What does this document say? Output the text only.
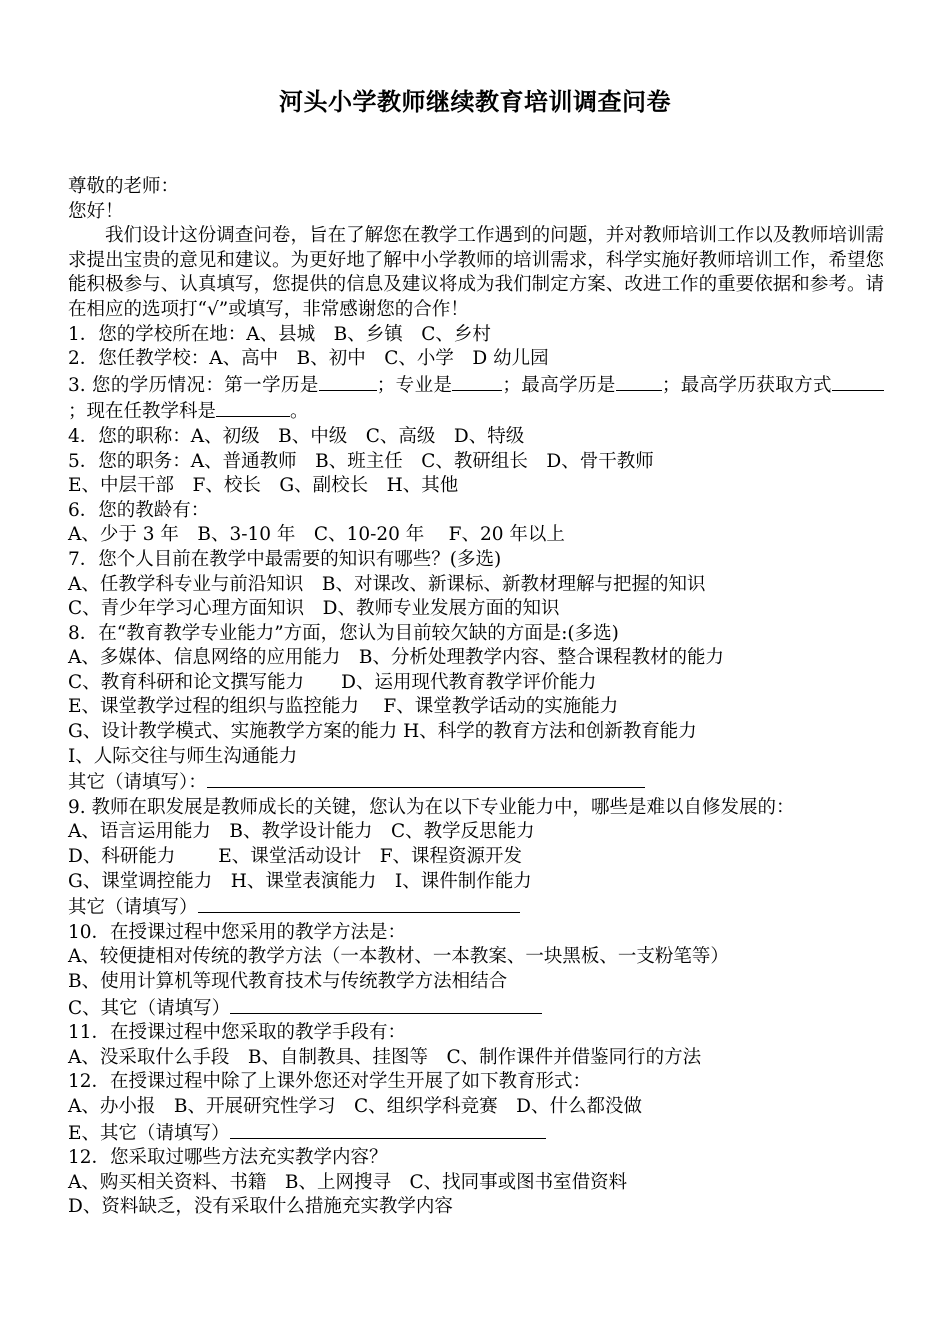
河头小学教师继续教育培训调查问卷
尊敬的老师：
您好！
我们设计这份调查问卷，旨在了解您在教学工作遇到的问题，并对教师培训工作以及教师培训需求提出宝贵的意见和建议。为更好地了解中小学教师的培训需求，科学实施好教师培训工作，希望您能积极参与、认真填写，您提供的信息及建议将成为我们制定方案、改进工作的重要依据和参考。请在相应的选项打“√”或填写，非常感谢您的合作！
1．您的学校所在地：A、县城　B、乡镇　C、乡村
2．您任教学校：A、高中　B、初中　C、小学　D 幼儿园
3. 您的学历情况：第一学历是	；专业是	；最高学历是 ；最高学历获取方式；现在任教学科是	。
4．您的职称：A、初级　B、中级　C、高级　D、特级
5．您的职务：A、普通教师　B、班主任　C、教研组长　D、骨干教师
E、中层干部　F、校长　G、副校长　H、其他
6．您的教龄有：
A、少于 3 年　B、3-10 年　C、10-20 年　 F、20 年以上
7．您个人目前在教学中最需要的知识有哪些？(多选)
A、任教学科专业与前沿知识　B、对课改、新课标、新教材理解与把握的知识
C、青少年学习心理方面知识　D、教师专业发展方面的知识
8．在“教育教学专业能力”方面，您认为目前较欠缺的方面是:(多选)
A、多媒体、信息网络的应用能力　B、分析处理教学内容、整合课程教材的能力
C、教育科研和论文撰写能力　　D、运用现代教育教学评价能力
E、课堂教学过程的组织与监控能力　 F、课堂教学话动的实施能力
G、设计教学模式、实施教学方案的能力 H、科学的教育方法和创新教育能力
I、人际交往与师生沟通能力
其它（请填写）：
9. 教师在职发展是教师成长的关键，您认为在以下专业能力中，哪些是难以自修发展的：
A、语言运用能力　B、教学设计能力　C、教学反思能力
D、科研能力　　 E、课堂活动设计　F、课程资源开发
G、课堂调控能力　H、课堂表演能力　I、课件制作能力
其它（请填写）
10．在授课过程中您采用的教学方法是：
A、较便捷相对传统的教学方法（一本教材、一本教案、一块黑板、一支粉笔等）
B、使用计算机等现代教育技术与传统教学方法相结合
C、其它（请填写）
11．在授课过程中您采取的教学手段有：
A、没采取什么手段　B、自制教具、挂图等　C、制作课件并借鉴同行的方法
12．在授课过程中除了上课外您还对学生开展了如下教育形式：
A、办小报　B、开展研究性学习　C、组织学科竞赛　D、什么都没做
E、其它（请填写）
12．您采取过哪些方法充实教学内容？
A、购买相关资料、书籍　B、上网搜寻　C、找同事或图书室借资料
D、资料缺乏，没有采取什么措施充实教学内容
